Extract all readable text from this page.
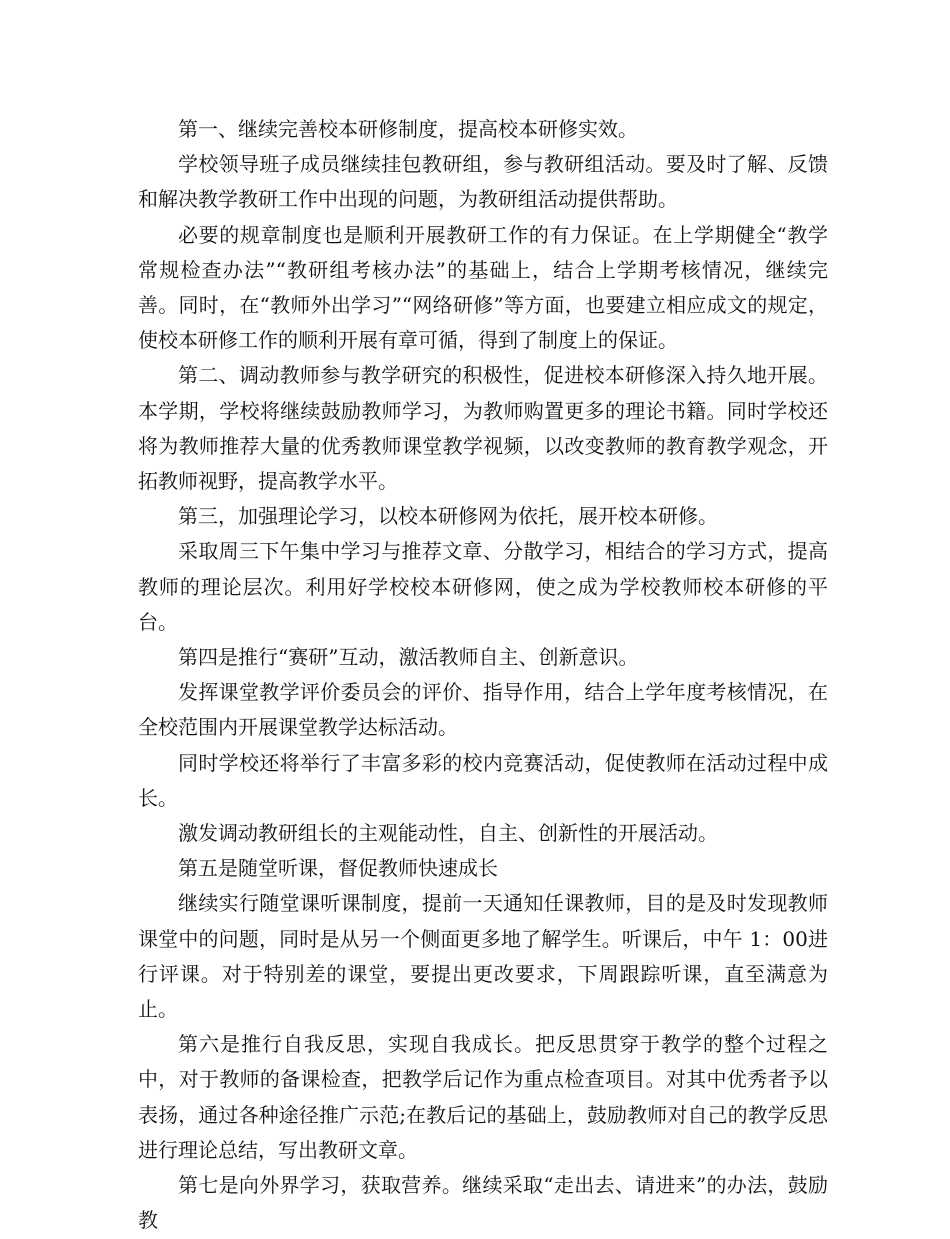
第一、继续完善校本研修制度，提高校本研修实效。

学校领导班子成员继续挂包教研组，参与教研组活动。要及时了解、反馈和解决教学教研工作中出现的问题，为教研组活动提供帮助。

必要的规章制度也是顺利开展教研工作的有力保证。在上学期健全“教学常规检查办法”“教研组考核办法”的基础上，结合上学期考核情况，继续完善。同时，在“教师外出学习”“网络研修”等方面，也要建立相应成文的规定，使校本研修工作的顺利开展有章可循，得到了制度上的保证。

第二、调动教师参与教学研究的积极性，促进校本研修深入持久地开展。本学期，学校将继续鼓励教师学习，为教师购置更多的理论书籍。同时学校还将为教师推荐大量的优秀教师课堂教学视频，以改变教师的教育教学观念，开拓教师视野，提高教学水平。

第三，加强理论学习，以校本研修网为依托，展开校本研修。

采取周三下午集中学习与推荐文章、分散学习，相结合的学习方式，提高教师的理论层次。利用好学校校本研修网，使之成为学校教师校本研修的平台。

第四是推行“赛研”互动，激活教师自主、创新意识。

发挥课堂教学评价委员会的评价、指导作用，结合上学年度考核情况，在全校范围内开展课堂教学达标活动。

同时学校还将举行了丰富多彩的校内竞赛活动，促使教师在活动过程中成长。

激发调动教研组长的主观能动性，自主、创新性的开展活动。

第五是随堂听课，督促教师快速成长

继续实行随堂课听课制度，提前一天通知任课教师，目的是及时发现教师课堂中的问题，同时是从另一个侧面更多地了解学生。听课后，中午 1：00进行评课。对于特别差的课堂，要提出更改要求，下周跟踪听课，直至满意为止。

第六是推行自我反思，实现自我成长。把反思贯穿于教学的整个过程之中，对于教师的备课检查，把教学后记作为重点检查项目。对其中优秀者予以表扬，通过各种途径推广示范;在教后记的基础上，鼓励教师对自己的教学反思进行理论总结，写出教研文章。

第七是向外界学习，获取营养。继续采取“走出去、请进来”的办法，鼓励教
